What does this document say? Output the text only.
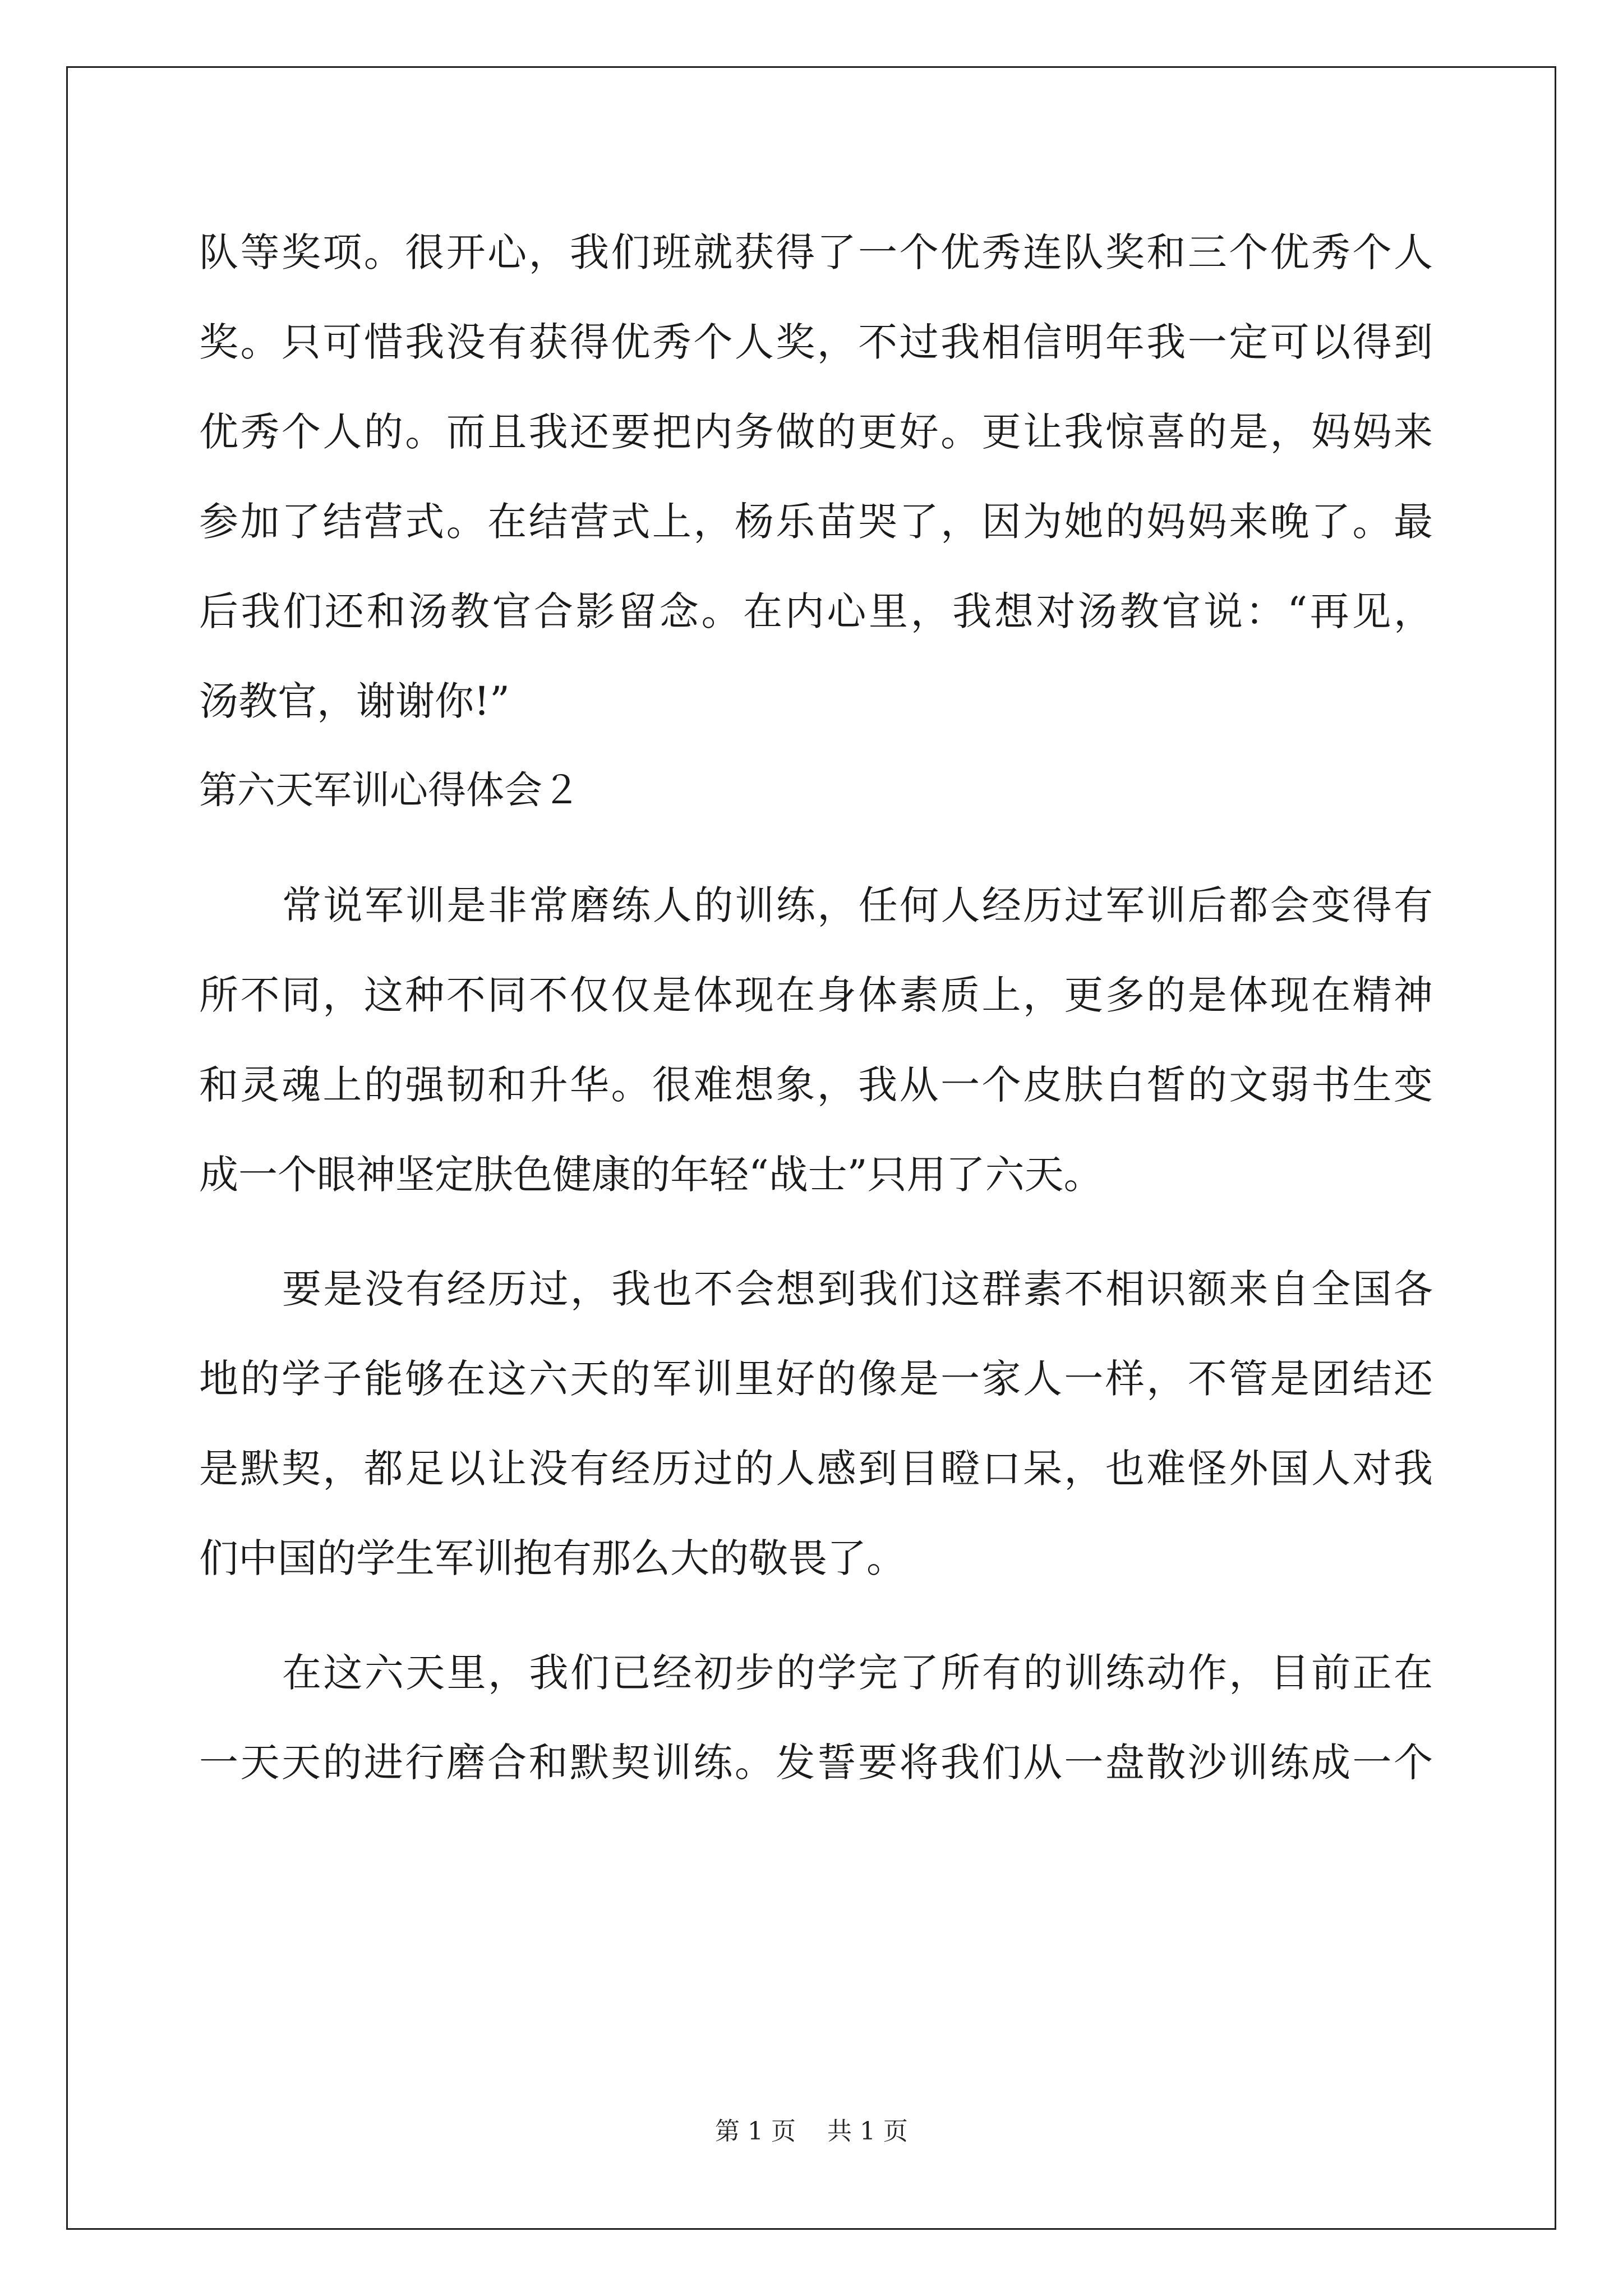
队等奖项。很开心，我们班就获得了一个优秀连队奖和三个优秀个人
奖。只可惜我没有获得优秀个人奖，不过我相信明年我一定可以得到
优秀个人的。而且我还要把内务做的更好。更让我惊喜的是，妈妈来
参加了结营式。在结营式上，杨乐苗哭了，因为她的妈妈来晚了。最
后我们还和汤教官合影留念。在内心里，我想对汤教官说：“再见，
汤教官，谢谢你!”
第六天军训心得体会２
常说军训是非常磨练人的训练，任何人经历过军训后都会变得有
所不同，这种不同不仅仅是体现在身体素质上，更多的是体现在精神
和灵魂上的强韧和升华。很难想象，我从一个皮肤白皙的文弱书生变
成一个眼神坚定肤色健康的年轻“战士”只用了六天。
要是没有经历过，我也不会想到我们这群素不相识额来自全国各
地的学子能够在这六天的军训里好的像是一家人一样，不管是团结还
是默契，都足以让没有经历过的人感到目瞪口呆，也难怪外国人对我
们中国的学生军训抱有那么大的敬畏了。
在这六天里，我们已经初步的学完了所有的训练动作，目前正在
一天天的进行磨合和默契训练。发誓要将我们从一盘散沙训练成一个
第 1 页 共 1 页
